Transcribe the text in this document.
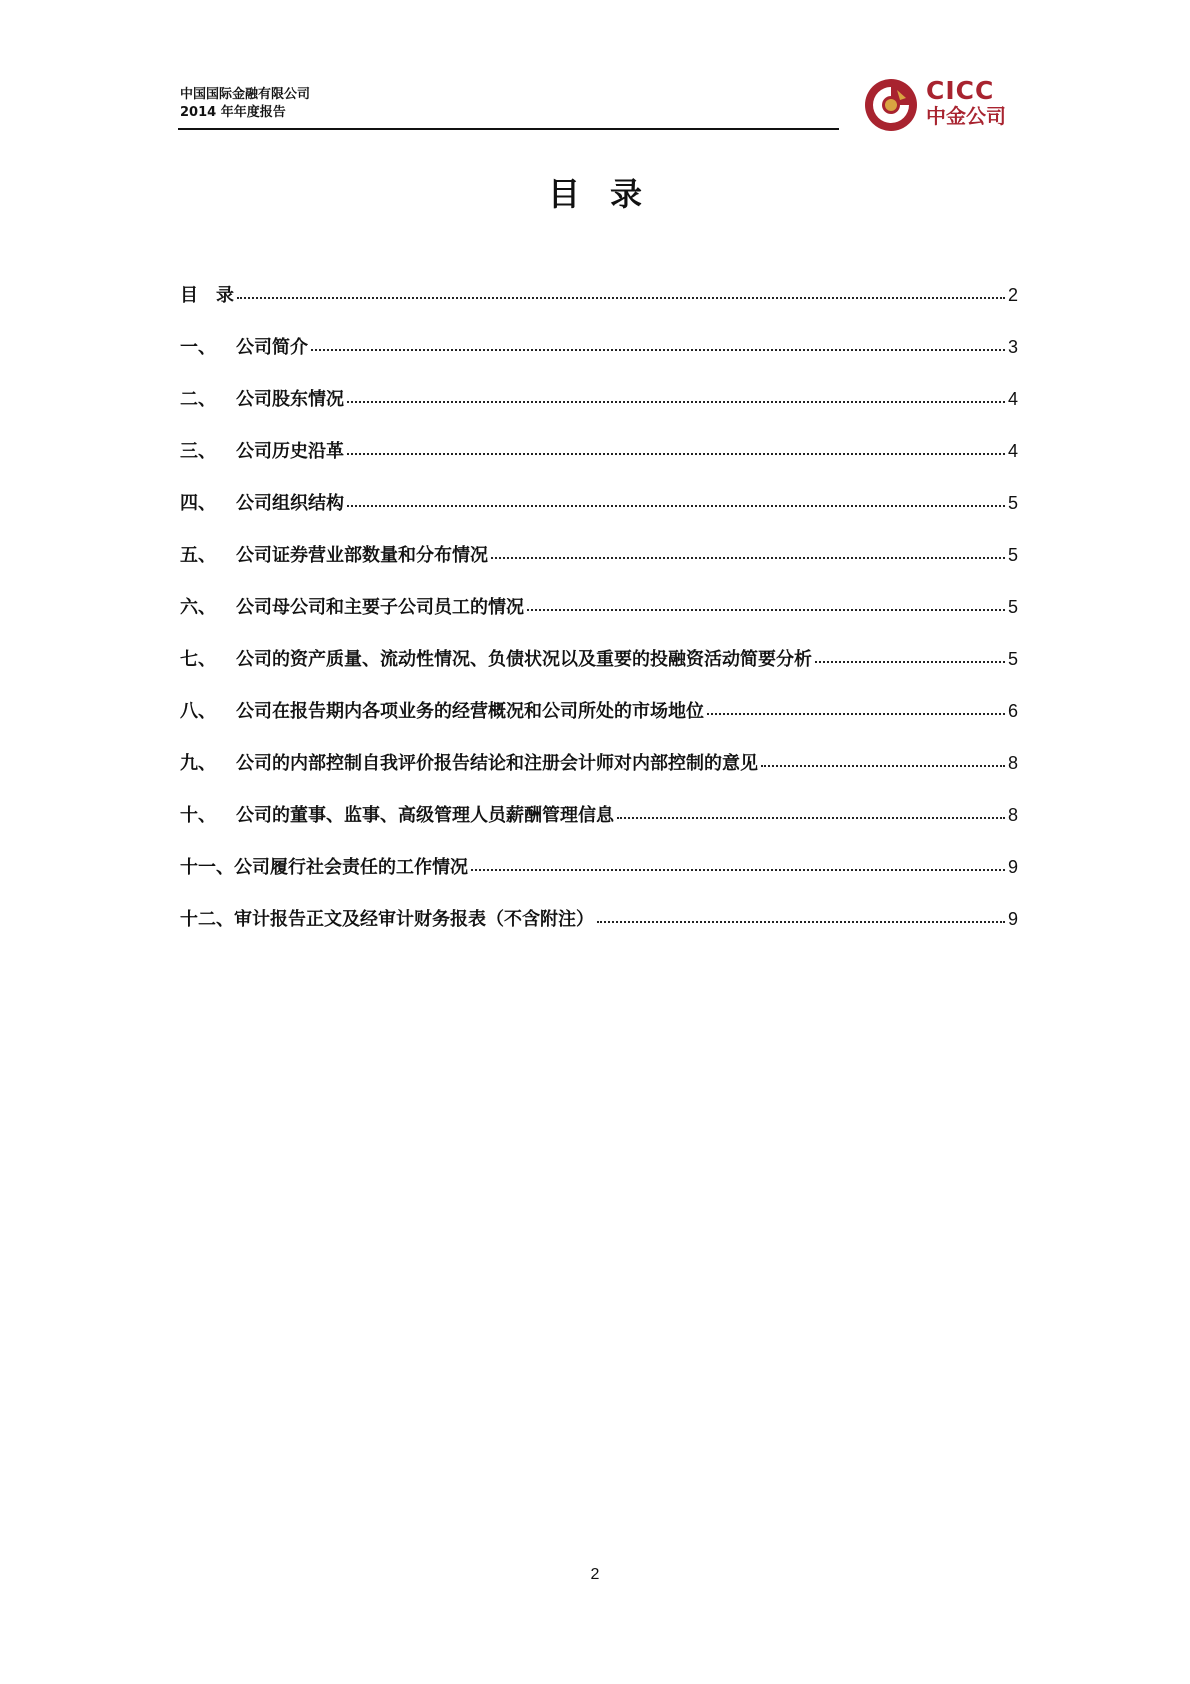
中国国际金融有限公司
2014 年年度报告
CICC
中金公司
目录
目　录	2
一、	公司简介	3
二、	公司股东情况	4
三、	公司历史沿革	4
四、	公司组织结构	5
五、	公司证券营业部数量和分布情况	5
六、	公司母公司和主要子公司员工的情况	5
七、	公司的资产质量、流动性情况、负债状况以及重要的投融资活动简要分析	5
八、	公司在报告期内各项业务的经营概况和公司所处的市场地位	6
九、	公司的内部控制自我评价报告结论和注册会计师对内部控制的意见	8
十、	公司的董事、监事、高级管理人员薪酬管理信息	8
十一、 公司履行社会责任的工作情况	9
十二、 审计报告正文及经审计财务报表（不含附注）	9
2
